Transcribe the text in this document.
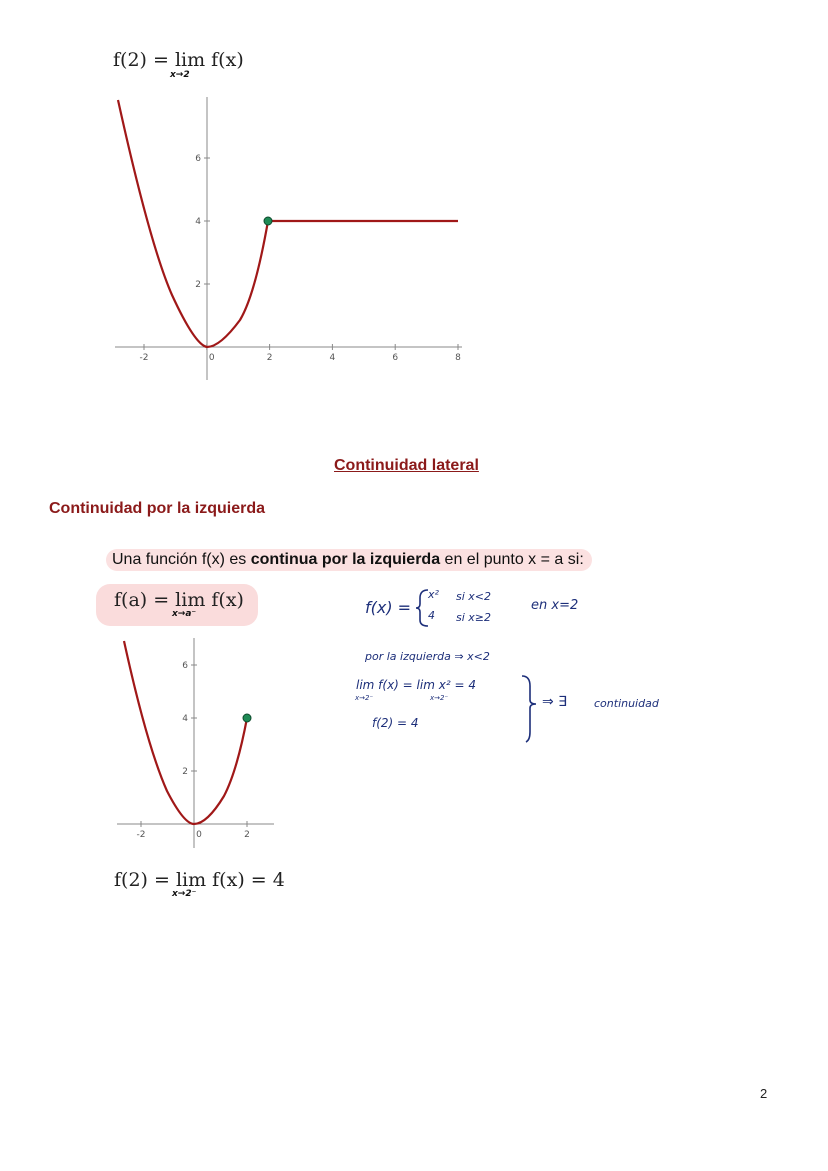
f(2) = lim f(x)
x→2
-2	0	2	4	6	8
2
4
6
Continuidad lateral
Continuidad por la izquierda
Una función f(x) es continua por la izquierda en el punto x = a si:
f(a) = lim f(x)
x→a⁻
-2	0	2
2
4
6
f(2) = lim f(x) = 4
x→2⁻
f(x) =
x² si x<2
4 si x≥2
en x=2
por la izquierda ⇒ x<2
lim f(x) = lim x² = 4
x→2⁻	x→2⁻
f(2) = 4
⇒ ∃ continuidad
2
